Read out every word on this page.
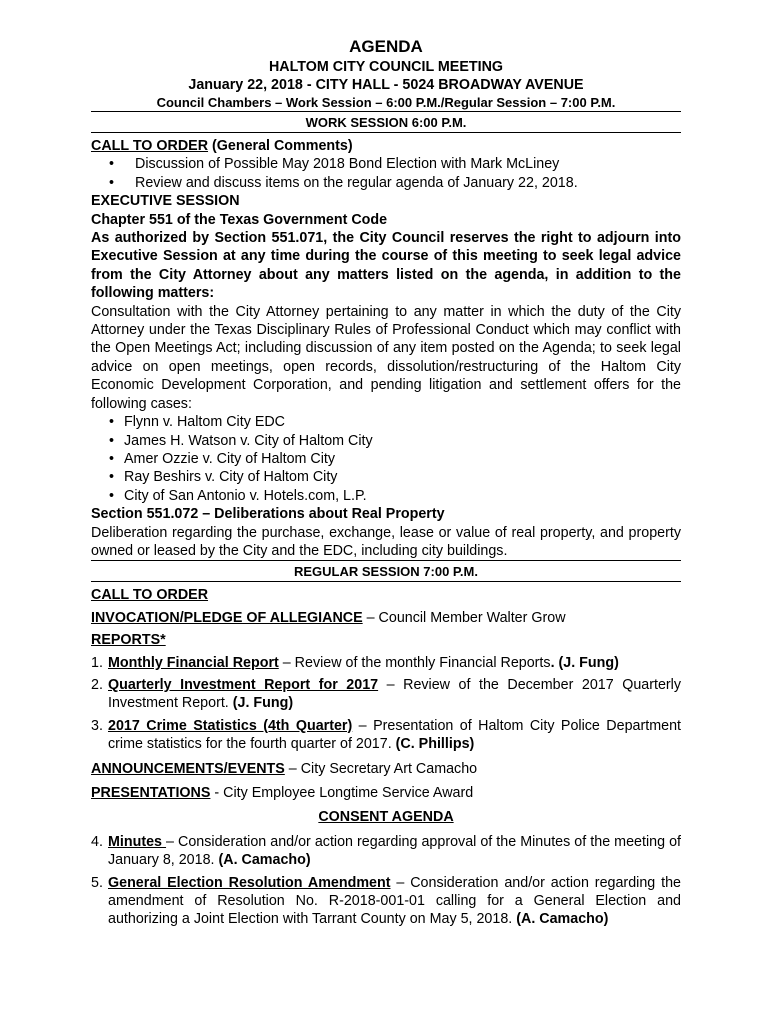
AGENDA
HALTOM CITY COUNCIL MEETING
January 22, 2018 - CITY HALL - 5024 BROADWAY AVENUE
Council Chambers – Work Session – 6:00 P.M./Regular Session – 7:00 P.M.
WORK SESSION 6:00 P.M.
CALL TO ORDER (General Comments)
• Discussion of Possible May 2018 Bond Election with Mark McLiney
• Review and discuss items on the regular agenda of January 22, 2018.
EXECUTIVE SESSION
Chapter 551 of the Texas Government Code

As authorized by Section 551.071, the City Council reserves the right to adjourn into Executive Session at any time during the course of this meeting to seek legal advice from the City Attorney about any matters listed on the agenda, in addition to the following matters:

Consultation with the City Attorney pertaining to any matter in which the duty of the City Attorney under the Texas Disciplinary Rules of Professional Conduct which may conflict with the Open Meetings Act; including discussion of any item posted on the Agenda; to seek legal advice on open meetings, open records, dissolution/restructuring of the Haltom City Economic Development Corporation, and pending litigation and settlement offers for the following cases:

• Flynn v. Haltom City EDC
• James H. Watson v. City of Haltom City
• Amer Ozzie v. City of Haltom City
• Ray Beshirs v. City of Haltom City
• City of San Antonio v. Hotels.com, L.P.
Section 551.072 – Deliberations about Real Property

Deliberation regarding the purchase, exchange, lease or value of real property, and property owned or leased by the City and the EDC, including city buildings.

REGULAR SESSION 7:00 P.M.
CALL TO ORDER
INVOCATION/PLEDGE OF ALLEGIANCE – Council Member Walter Grow
REPORTS*
1. Monthly Financial Report – Review of the monthly Financial Reports. (J. Fung)
2. Quarterly Investment Report for 2017 – Review of the December 2017 Quarterly Investment Report. (J. Fung)
3. 2017 Crime Statistics (4th Quarter) – Presentation of Haltom City Police Department crime statistics for the fourth quarter of 2017. (C. Phillips)
ANNOUNCEMENTS/EVENTS – City Secretary Art Camacho
PRESENTATIONS - City Employee Longtime Service Award
CONSENT AGENDA
4. Minutes – Consideration and/or action regarding approval of the Minutes of the meeting of January 8, 2018. (A. Camacho)
5. General Election Resolution Amendment – Consideration and/or action regarding the amendment of Resolution No. R-2018-001-01 calling for a General Election and authorizing a Joint Election with Tarrant County on May 5, 2018. (A. Camacho)
